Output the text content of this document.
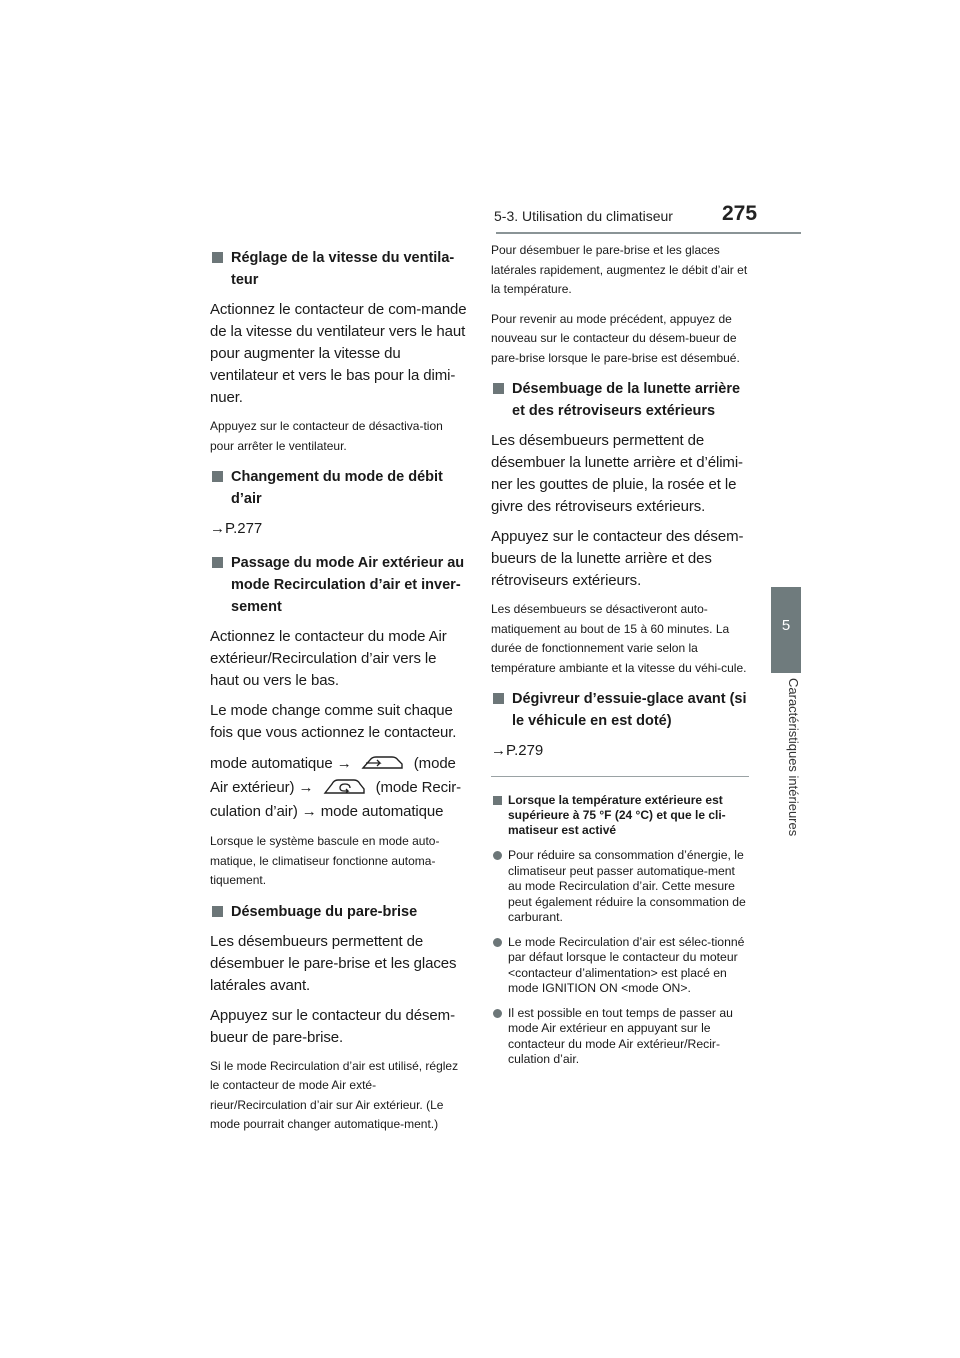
5-3. Utilisation du climatiseur 275
5
Caractéristiques intérieures
Réglage de la vitesse du ventila-teur

Actionnez le contacteur de com-mande de la vitesse du ventilateur vers le haut pour augmenter la vitesse du ventilateur et vers le bas pour la dimi-nuer.

Appuyez sur le contacteur de désactiva-tion pour arrêter le ventilateur.

Changement du mode de débit d’air

→P.277

Passage du mode Air extérieur au mode Recirculation d’air et inver-sement

Actionnez le contacteur du mode Air extérieur/Recirculation d’air vers le haut ou vers le bas.

Le mode change comme suit chaque fois que vous actionnez le contacteur.

mode automatique →	(mode Air extérieur) →	(mode Recir-culation d’air) → mode automatique

Lorsque le système bascule en mode auto-matique, le climatiseur fonctionne automa-tiquement.

Désembuage du pare-brise

Les désembueurs permettent de désembuer le pare-brise et les glaces latérales avant.

Appuyez sur le contacteur du désem-bueur de pare-brise.

Si le mode Recirculation d’air est utilisé, réglez le contacteur de mode Air exté-rieur/Recirculation d’air sur Air extérieur. (Le mode pourrait changer automatique-ment.)

Pour désembuer le pare-brise et les glaces latérales rapidement, augmentez le débit d’air et la température.

Pour revenir au mode précédent, appuyez de nouveau sur le contacteur du désem-bueur de pare-brise lorsque le pare-brise est désembué.

Désembuage de la lunette arrière et des rétroviseurs extérieurs

Les désembueurs permettent de désembuer la lunette arrière et d’élimi-ner les gouttes de pluie, la rosée et le givre des rétroviseurs extérieurs.

Appuyez sur le contacteur des désem-bueurs de la lunette arrière et des rétroviseurs extérieurs.

Les désembueurs se désactiveront auto-matiquement au bout de 15 à 60 minutes. La durée de fonctionnement varie selon la température ambiante et la vitesse du véhi-cule.

Dégivreur d’essuie-glace avant (si le véhicule en est doté)

→P.279

Lorsque la température extérieure est supérieure à 75 °F (24 °C) et que le cli-matiseur est activé
Pour réduire sa consommation d’énergie, le climatiseur peut passer automatique-ment au mode Recirculation d’air. Cette mesure peut également réduire la consommation de carburant.
Le mode Recirculation d’air est sélec-tionné par défaut lorsque le contacteur du moteur <contacteur d’alimentation> est placé en mode IGNITION ON <mode ON>.
Il est possible en tout temps de passer au mode Air extérieur en appuyant sur le contacteur du mode Air extérieur/Recir-culation d’air.
